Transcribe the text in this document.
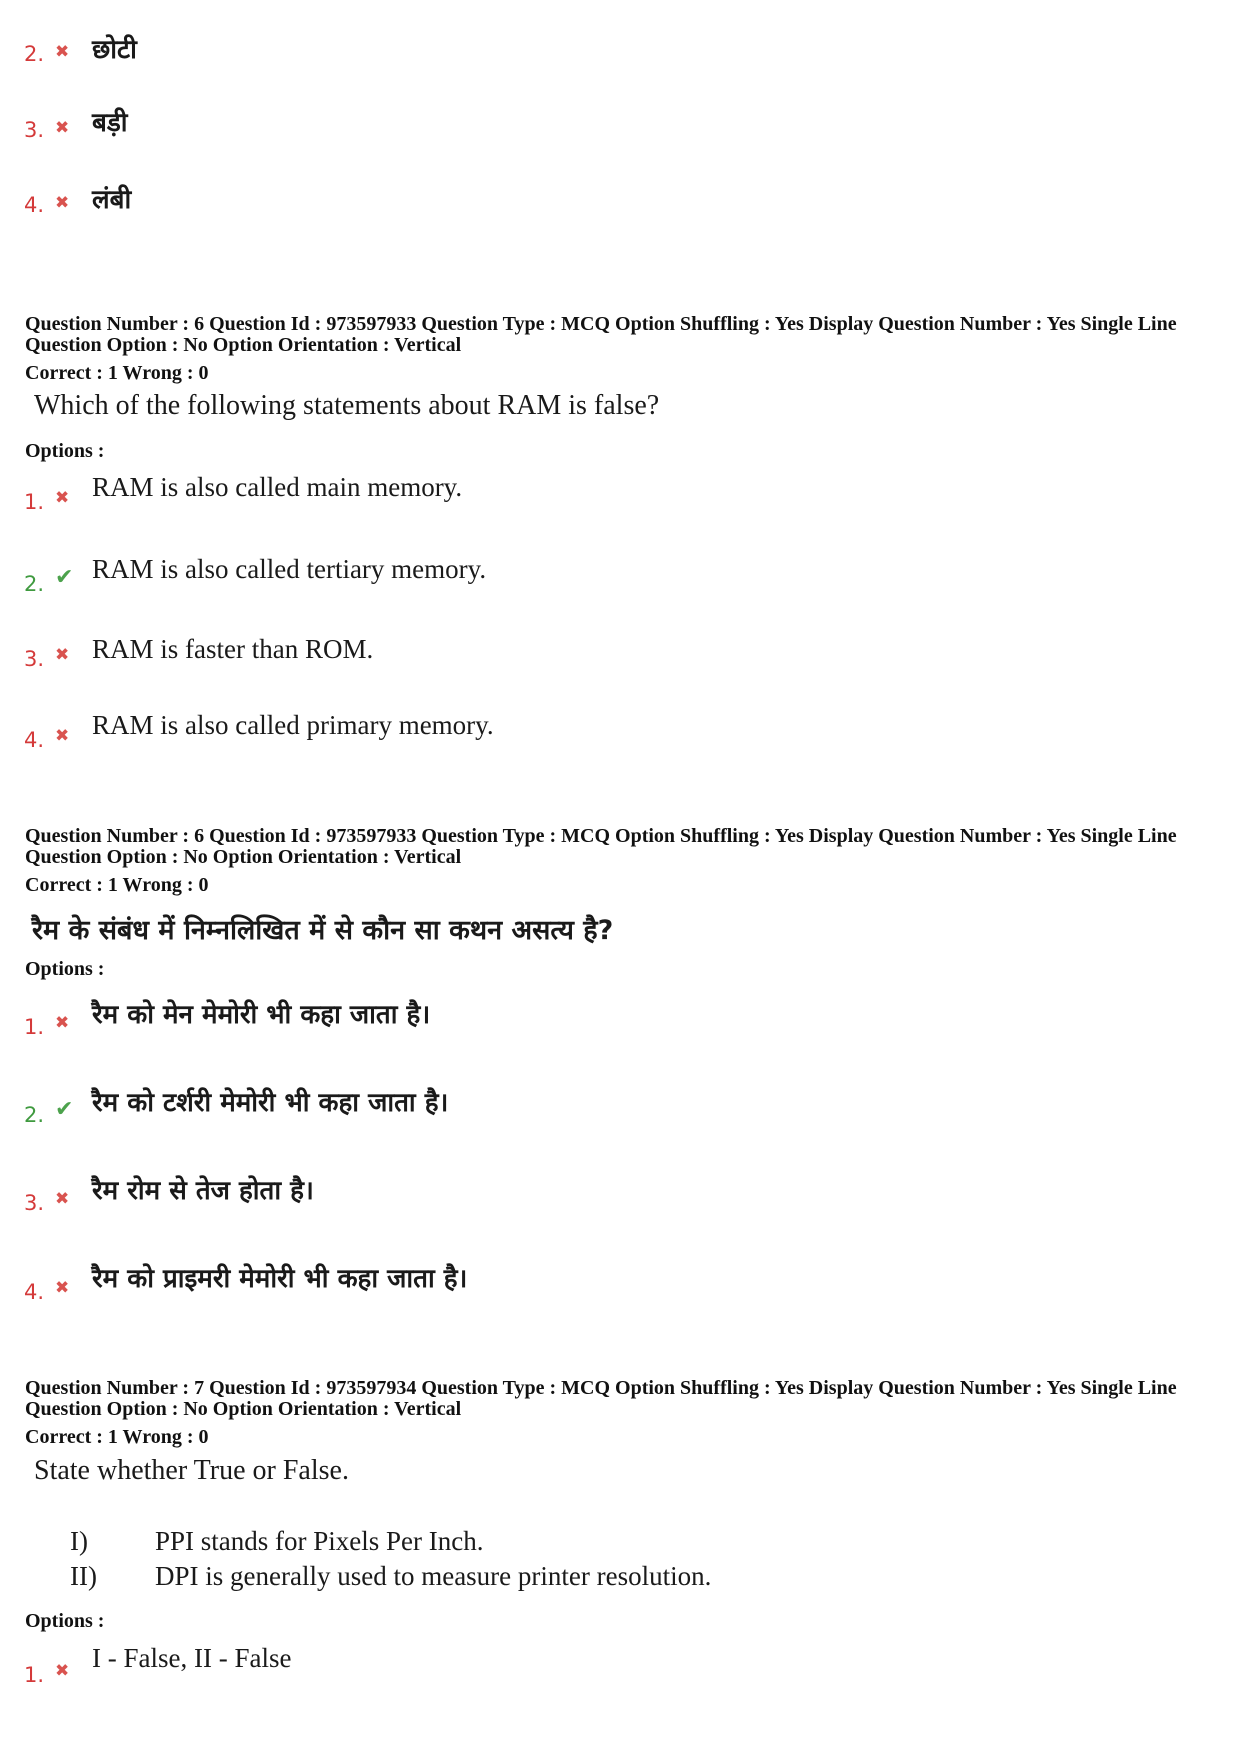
2. ✖ छोटी
3. ✖ बड़ी
4. ✖ लंबी
Question Number : 6 Question Id : 973597933 Question Type : MCQ Option Shuffling : Yes Display Question Number : Yes Single Line Question Option : No Option Orientation : Vertical
Correct : 1 Wrong : 0
Which of the following statements about RAM is false?
Options :
1. ✖ RAM is also called main memory.
2. ✔ RAM is also called tertiary memory.
3. ✖ RAM is faster than ROM.
4. ✖ RAM is also called primary memory.
Question Number : 6 Question Id : 973597933 Question Type : MCQ Option Shuffling : Yes Display Question Number : Yes Single Line Question Option : No Option Orientation : Vertical
Correct : 1 Wrong : 0
रैम के संबंध में निम्नलिखित में से कौन सा कथन असत्य है?
Options :
1. ✖ रैम को मेन मेमोरी भी कहा जाता है।
2. ✔ रैम को टर्शरी मेमोरी भी कहा जाता है।
3. ✖ रैम रोम से तेज होता है।
4. ✖ रैम को प्राइमरी मेमोरी भी कहा जाता है।
Question Number : 7 Question Id : 973597934 Question Type : MCQ Option Shuffling : Yes Display Question Number : Yes Single Line Question Option : No Option Orientation : Vertical
Correct : 1 Wrong : 0
State whether True or False.
I) PPI stands for Pixels Per Inch.
II) DPI is generally used to measure printer resolution.
Options :
1. ✖ I - False, II - False
